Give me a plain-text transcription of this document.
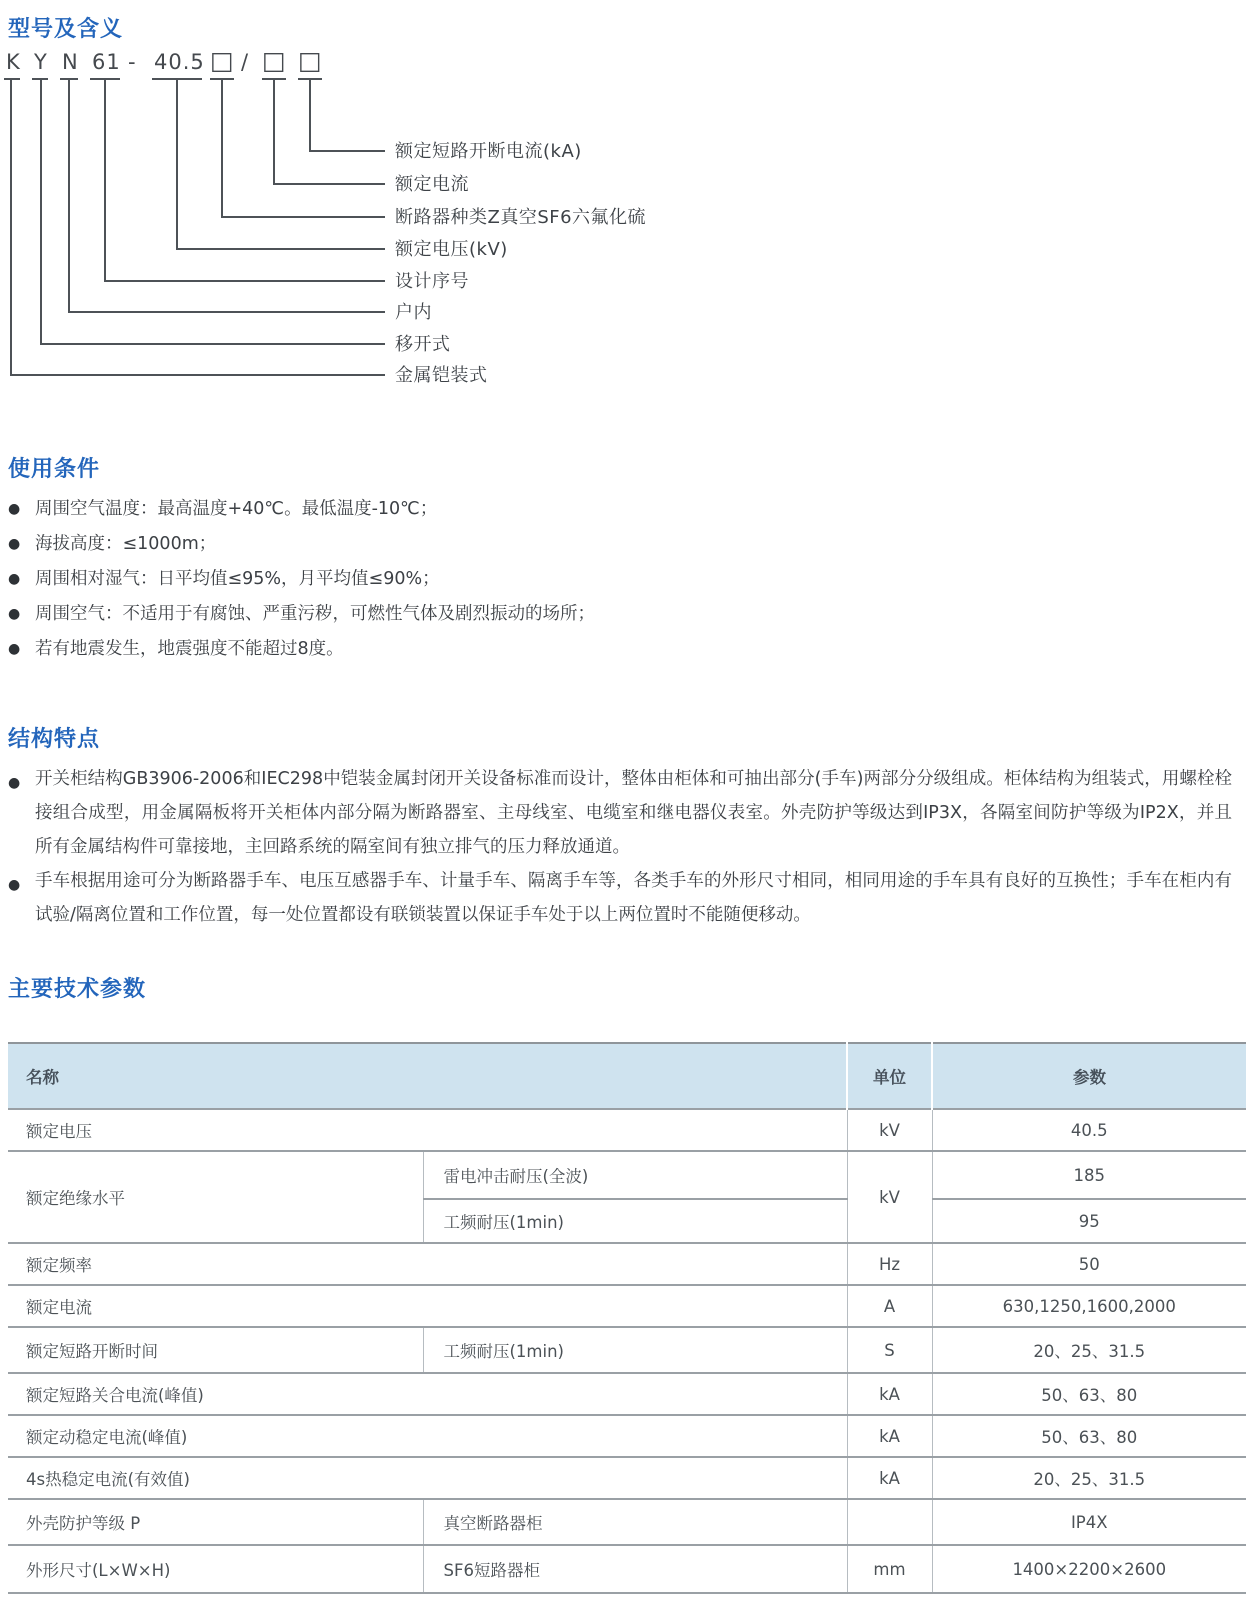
型号及含义
K Y N 61 - 40.5 □ / □ □
额定短路开断电流(kA)
额定电流
断路器种类Z真空SF6六氟化硫
额定电压(kV)
设计序号
户内
移开式
金属铠装式
使用条件
● 周围空气温度：最高温度+40℃。最低温度-10℃；
● 海拔高度：≤1000m；
● 周围相对湿气：日平均值≤95%，月平均值≤90%；
● 周围空气：不适用于有腐蚀、严重污秽，可燃性气体及剧烈振动的场所；
● 若有地震发生，地震强度不能超过8度。
结构特点
● 开关柜结构GB3906-2006和IEC298中铠装金属封闭开关设备标准而设计，整体由柜体和可抽出部分(手车)两部分分级组成。柜体结构为组装式，用螺栓栓接组合成型，用金属隔板将开关柜体内部分隔为断路器室、主母线室、电缆室和继电器仪表室。外壳防护等级达到IP3X，各隔室间防护等级为IP2X，并且所有金属结构件可靠接地，主回路系统的隔室间有独立排气的压力释放通道。
● 手车根据用途可分为断路器手车、电压互感器手车、计量手车、隔离手车等，各类手车的外形尺寸相同，相同用途的手车具有良好的互换性；手车在柜内有试验/隔离位置和工作位置，每一处位置都设有联锁装置以保证手车处于以上两位置时不能随便移动。
主要技术参数
名称		单位	参数
额定电压		kV	40.5
额定绝缘水平	雷电冲击耐压(全波)	kV	185
	工频耐压(1min)		95
额定频率		Hz	50
额定电流		A	630,1250,1600,2000
额定短路开断时间	工频耐压(1min)	S	20、25、31.5
额定短路关合电流(峰值)		kA	50、63、80
额定动稳定电流(峰值)		kA	50、63、80
4s热稳定电流(有效值)		kA	20、25、31.5
外壳防护等级 P	真空断路器柜		IP4X
外形尺寸(L×W×H)	SF6短路器柜	mm	1400×2200×2600
